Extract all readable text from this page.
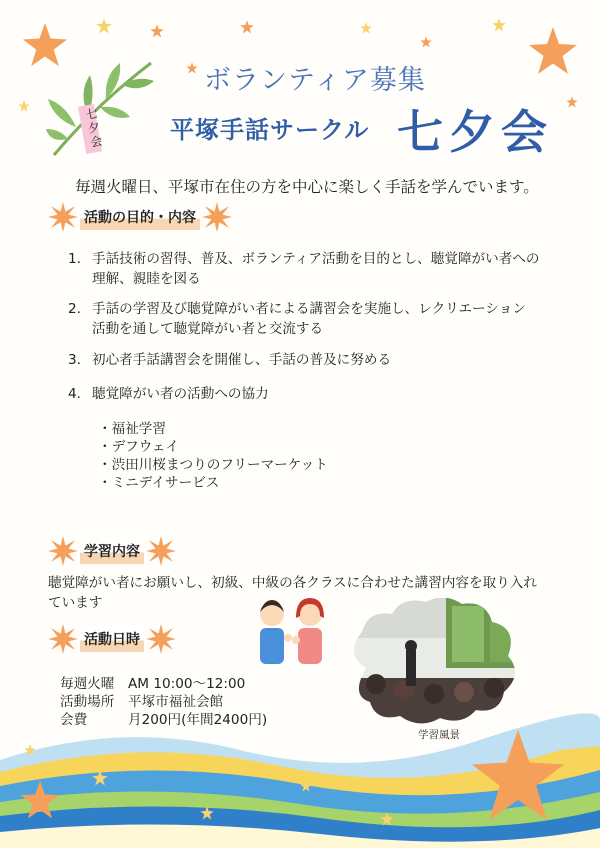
七夕会
ボランティア募集
平塚手話サークル 七夕会
毎週火曜日、平塚市在住の方を中心に楽しく手話を学んでいます。
活動の目的・内容
1. 手話技術の習得、普及、ボランティア活動を目的とし、聴覚障がい者への
理解、親睦を図る
2. 手話の学習及び聴覚障がい者による講習会を実施し、レクリエーション
活動を通して聴覚障がい者と交流する
3. 初心者手話講習会を開催し、手話の普及に努める
4. 聴覚障がい者の活動への協力
・福祉学習
・デフウェイ
・渋田川桜まつりのフリーマーケット
・ミニデイサービス
学習内容
聴覚障がい者にお願いし、初級、中級の各クラスに合わせた講習内容を取り入れています
活動日時
毎週火曜 AM 10:00～12:00
活動場所 平塚市福祉会館
会費	月200円(年間2400円)
学習風景
